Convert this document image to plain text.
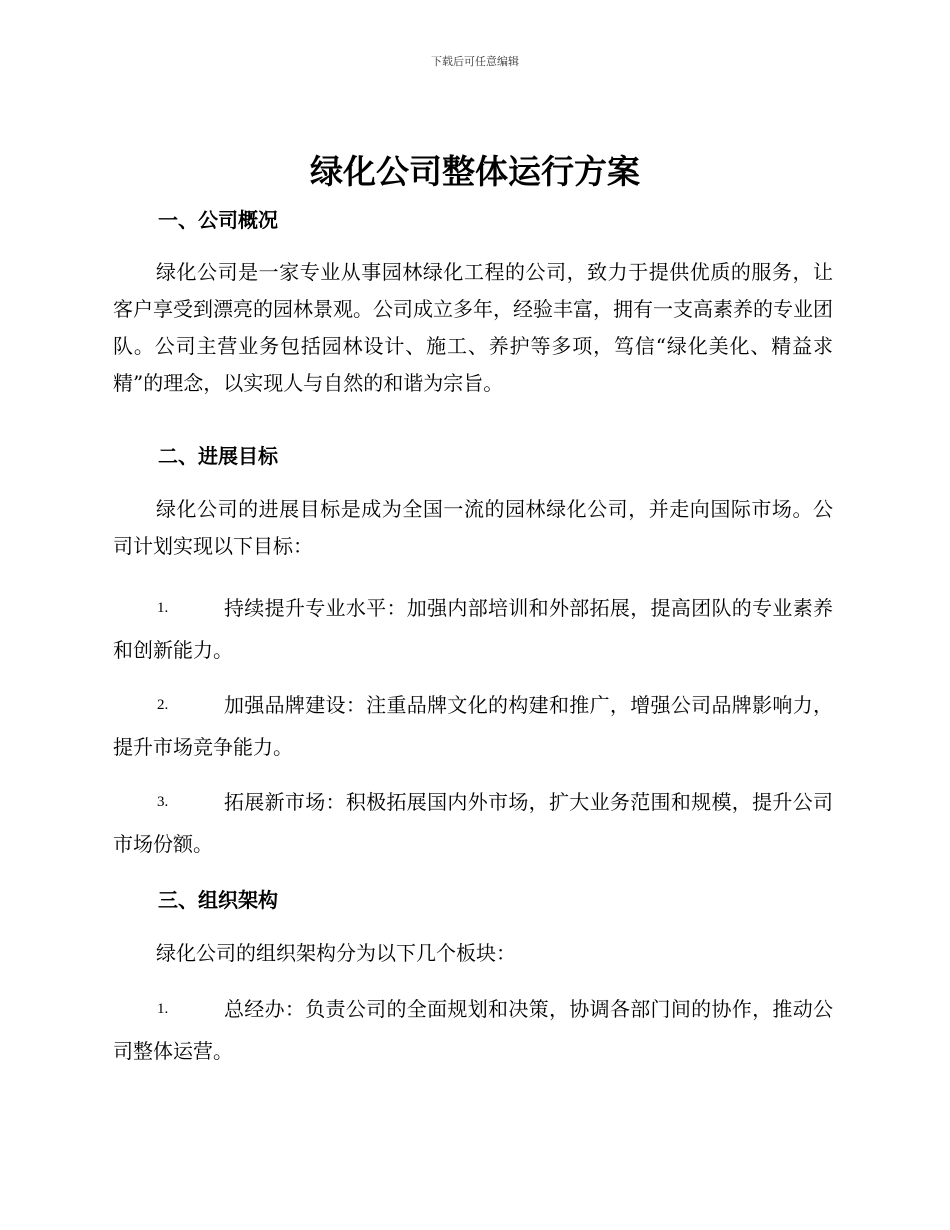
下载后可任意编辑
绿化公司整体运行方案
一、公司概况

绿化公司是一家专业从事园林绿化工程的公司，致力于提供优质的服务，让客户享受到漂亮的园林景观。公司成立多年，经验丰富，拥有一支高素养的专业团队。公司主营业务包括园林设计、施工、养护等多项，笃信“绿化美化、精益求精”的理念，以实现人与自然的和谐为宗旨。

二、进展目标

绿化公司的进展目标是成为全国一流的园林绿化公司，并走向国际市场。公司计划实现以下目标：

1.	持续提升专业水平：加强内部培训和外部拓展，提高团队的专业素养和创新能力。
2.	加强品牌建设：注重品牌文化的构建和推广，增强公司品牌影响力，提升市场竞争能力。
3.	拓展新市场：积极拓展国内外市场，扩大业务范围和规模，提升公司市场份额。
三、组织架构

绿化公司的组织架构分为以下几个板块：

1.	总经办：负责公司的全面规划和决策，协调各部门间的协作，推动公司整体运营。
